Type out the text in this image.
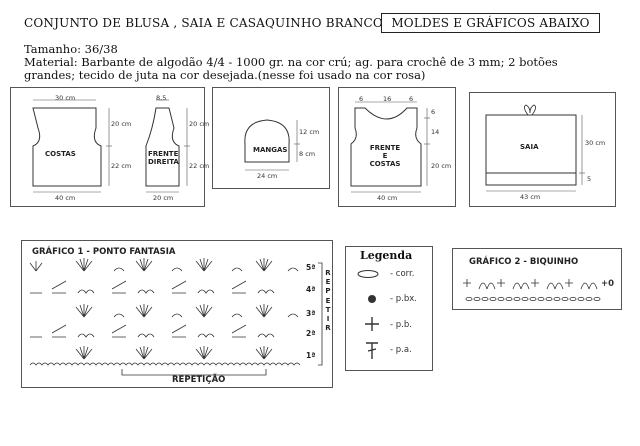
CONJUNTO DE BLUSA , SAIA E CASAQUINHO BRANCO MOLDES E GRÁFICOS ABAIXO
Tamanho: 36/38
Material: Barbante de algodão 4/4 - 1000 gr. na cor crú; ag. para crochê de 3 mm; 2 botões
grandes; tecido de juta na cor desejada.(nesse foi usado na cor rosa)
30 cm
COSTAS
20 cm
22 cm
40 cm
8,5
FRENTE
DIREITA
20 cm
22 cm
20 cm
MANGAS
12 cm
8 cm
24 cm
6	16	6
FRENTE
E
COSTAS
6
14
20 cm
40 cm
SAIA	30 cm
5
43 cm
GRÁFICO 1 - PONTO FANTASIA
5ª
4ª
3ª
2ª
1ª
R
E
P
E
T
I
R
REPETIÇÃO
Legenda
- corr.
- p.bx.
- p.b.
- p.a.
GRÁFICO 2 - BIQUINHO
+0
